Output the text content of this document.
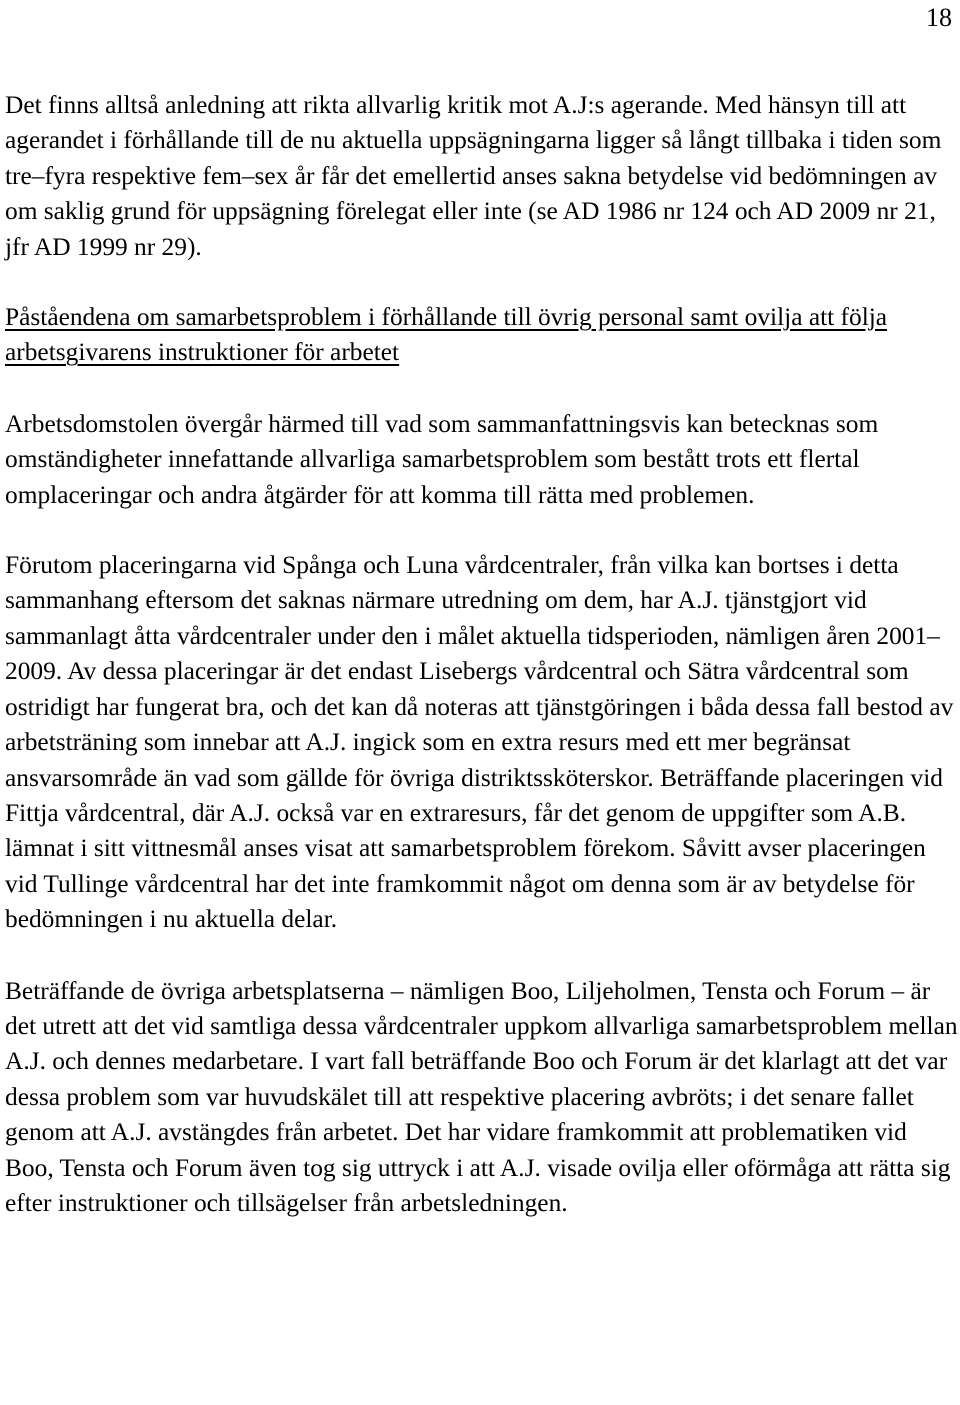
18

Det finns alltså anledning att rikta allvarlig kritik mot A.J:s agerande. Med hänsyn till att agerandet i förhållande till de nu aktuella uppsägningarna ligger så långt tillbaka i tiden som tre–fyra respektive fem–sex år får det emellertid anses sakna betydelse vid bedömningen av om saklig grund för uppsägning förelegat eller inte (se AD 1986 nr 124 och AD 2009 nr 21, jfr AD 1999 nr 29).

Påståendena om samarbetsproblem i förhållande till övrig personal samt ovilja att följa arbetsgivarens instruktioner för arbetet

Arbetsdomstolen övergår härmed till vad som sammanfattningsvis kan betecknas som omständigheter innefattande allvarliga samarbetsproblem som bestått trots ett flertal omplaceringar och andra åtgärder för att komma till rätta med problemen.

Förutom placeringarna vid Spånga och Luna vårdcentraler, från vilka kan bortses i detta sammanhang eftersom det saknas närmare utredning om dem, har A.J. tjänstgjort vid sammanlagt åtta vårdcentraler under den i målet aktuella tidsperioden, nämligen åren 2001–2009. Av dessa placeringar är det endast Lisebergs vårdcentral och Sätra vårdcentral som ostridigt har fungerat bra, och det kan då noteras att tjänstgöringen i båda dessa fall bestod av arbetsträning som innebar att A.J. ingick som en extra resurs med ett mer begränsat ansvarsområde än vad som gällde för övriga distriktssköterskor. Beträffande placeringen vid Fittja vårdcentral, där A.J. också var en extraresurs, får det genom de uppgifter som A.B. lämnat i sitt vittnesmål anses visat att samarbetsproblem förekom. Såvitt avser placeringen vid Tullinge vårdcentral har det inte framkommit något om denna som är av betydelse för bedömningen i nu aktuella delar.

Beträffande de övriga arbetsplatserna – nämligen Boo, Liljeholmen, Tensta och Forum – är det utrett att det vid samtliga dessa vårdcentraler uppkom allvarliga samarbetsproblem mellan A.J. och dennes medarbetare. I vart fall beträffande Boo och Forum är det klarlagt att det var dessa problem som var huvudskälet till att respektive placering avbröts; i det senare fallet genom att A.J. avstängdes från arbetet. Det har vidare framkommit att problematiken vid Boo, Tensta och Forum även tog sig uttryck i att A.J. visade ovilja eller oförmåga att rätta sig efter instruktioner och tillsägelser från arbetsledningen.
